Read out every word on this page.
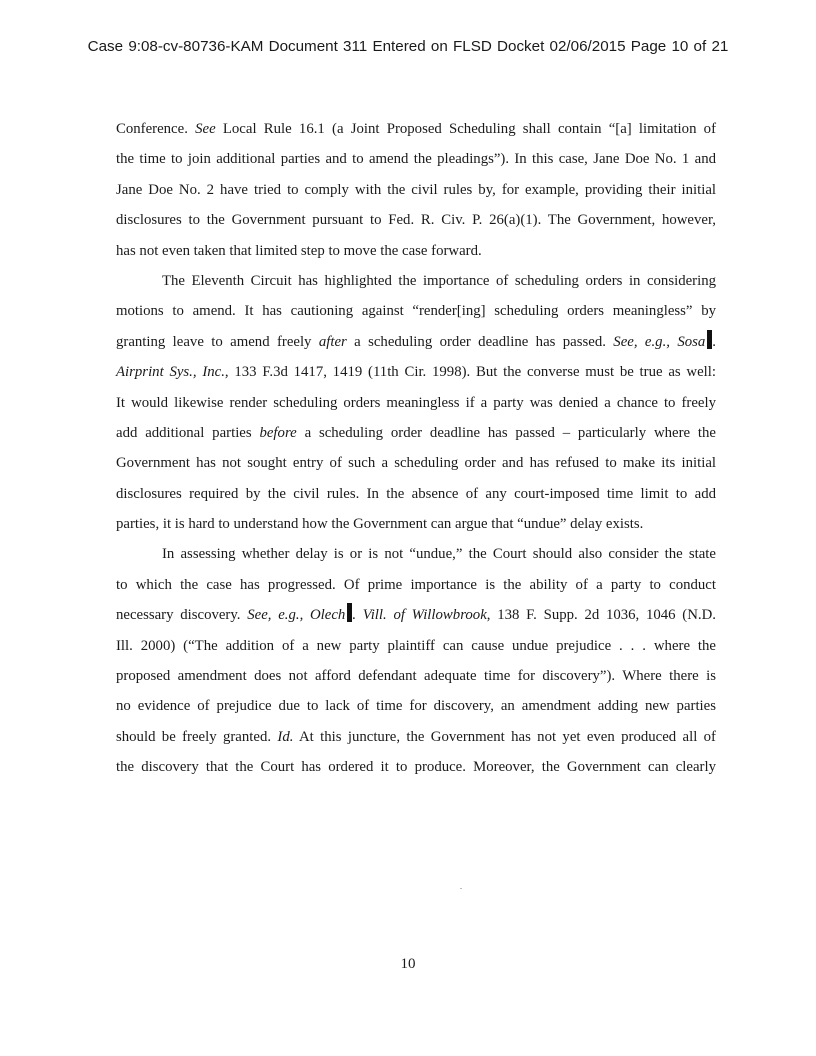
Case 9:08-cv-80736-KAM Document 311 Entered on FLSD Docket 02/06/2015 Page 10 of 21
Conference. See Local Rule 16.1 (a Joint Proposed Scheduling shall contain “[a] limitation of
the time to join additional parties and to amend the pleadings”). In this case, Jane Doe No. 1 and
Jane Doe No. 2 have tried to comply with the civil rules by, for example, providing their initial
disclosures to the Government pursuant to Fed. R. Civ. P. 26(a)(1). The Government, however,
has not even taken that limited step to move the case forward.
The Eleventh Circuit has highlighted the importance of scheduling orders in considering
motions to amend. It has cautioning against “render[ing] scheduling orders meaningless” by
granting leave to amend freely after a scheduling order deadline has passed. See, e.g., Sosa .
Airprint Sys., Inc., 133 F.3d 1417, 1419 (11th Cir. 1998). But the converse must be true as well:
It would likewise render scheduling orders meaningless if a party was denied a chance to freely
add additional parties before a scheduling order deadline has passed – particularly where the
Government has not sought entry of such a scheduling order and has refused to make its initial
disclosures required by the civil rules. In the absence of any court-imposed time limit to add
parties, it is hard to understand how the Government can argue that “undue” delay exists.
In assessing whether delay is or is not “undue,” the Court should also consider the state
to which the case has progressed. Of prime importance is the ability of a party to conduct
necessary discovery. See, e.g., Olech . Vill. of Willowbrook, 138 F. Supp. 2d 1036, 1046 (N.D.
Ill. 2000) (“The addition of a new party plaintiff can cause undue prejudice . . . where the
proposed amendment does not afford defendant adequate time for discovery”). Where there is
no evidence of prejudice due to lack of time for discovery, an amendment adding new parties
should be freely granted. Id. At this juncture, the Government has not yet even produced all of
the discovery that the Court has ordered it to produce. Moreover, the Government can clearly
10
